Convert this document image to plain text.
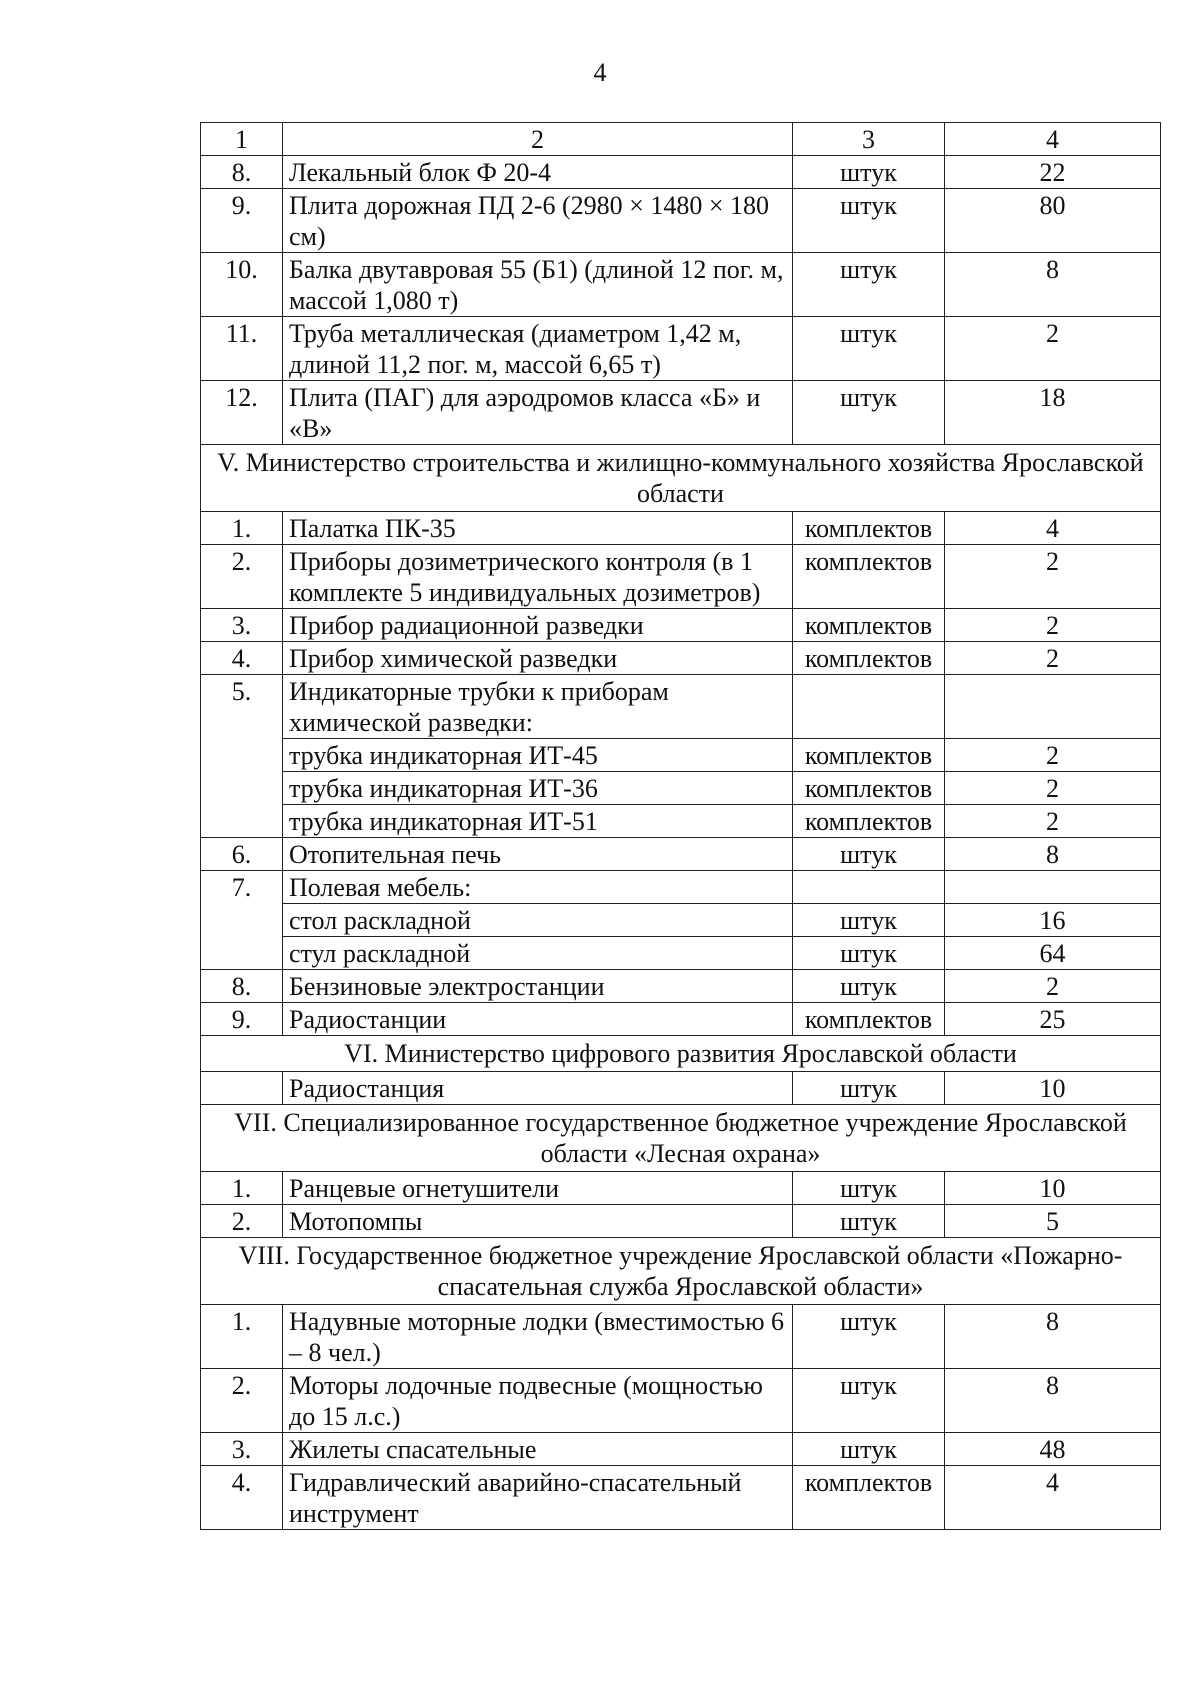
4
1	2	3	4
8.	Лекальный блок Ф 20-4	штук	22
9.	Плита дорожная ПД 2-6 (2980 × 1480 × 180 см)	штук	80
10.	Балка двутавровая 55 (Б1) (длиной 12 пог. м, массой 1,080 т)	штук	8
11.	Труба металлическая (диаметром 1,42 м, длиной 11,2 пог. м, массой 6,65 т)	штук	2
12.	Плита (ПАГ) для аэродромов класса «Б» и «В»	штук	18
V. Министерство строительства и жилищно-коммунального хозяйства Ярославской области			
1.	Палатка ПК-35	комплектов	4
2.	Приборы дозиметрического контроля (в 1 комплекте 5 индивидуальных дозиметров)	комплектов	2
3.	Прибор радиационной разведки	комплектов	2
4.	Прибор химической разведки	комплектов	2
5.	Индикаторные трубки к приборам химической разведки:		
	трубка индикаторная ИТ-45	комплектов	2
	трубка индикаторная ИТ-36	комплектов	2
	трубка индикаторная ИТ-51	комплектов	2
6.	Отопительная печь	штук	8
7.	Полевая мебель:		
	стол раскладной	штук	16
	стул раскладной	штук	64
8.	Бензиновые электростанции	штук	2
9.	Радиостанции	комплектов	25
VI. Министерство цифрового развития Ярославской области			
	Радиостанция	штук	10
VII. Специализированное государственное бюджетное учреждение Ярославской области «Лесная охрана»			
1.	Ранцевые огнетушители	штук	10
2.	Мотопомпы	штук	5
VIII. Государственное бюджетное учреждение Ярославской области «Пожарно-спасательная служба Ярославской области»			
1.	Надувные моторные лодки (вместимостью 6 – 8 чел.)	штук	8
2.	Моторы лодочные подвесные (мощностью до 15 л.с.)	штук	8
3.	Жилеты спасательные	штук	48
4.	Гидравлический аварийно-спасательный инструмент	комплектов	4
